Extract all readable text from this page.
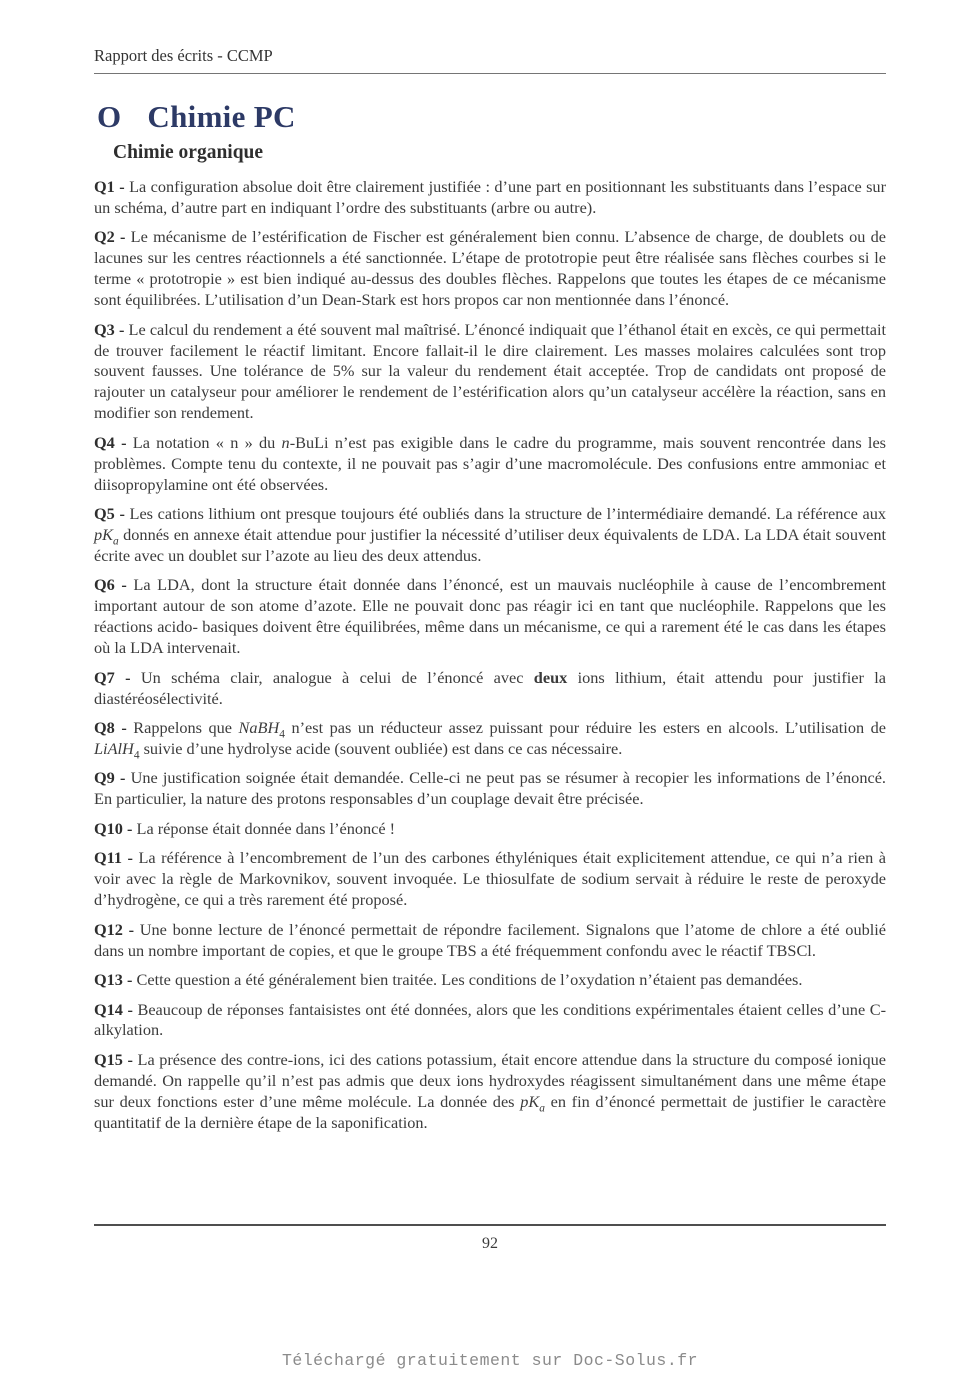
Rapport des écrits - CCMP
O Chimie PC
Chimie organique

Q1 - La configuration absolue doit être clairement justifiée : d’une part en positionnant les substituants dans l’espace sur un schéma, d’autre part en indiquant l’ordre des substituants (arbre ou autre).

Q2 - Le mécanisme de l’estérification de Fischer est généralement bien connu. L’absence de charge, de doublets ou de lacunes sur les centres réactionnels a été sanctionnée. L’étape de prototropie peut être réalisée sans flèches courbes si le terme « prototropie » est bien indiqué au-dessus des doubles flèches. Rappelons que toutes les étapes de ce mécanisme sont équilibrées. L’utilisation d’un Dean-Stark est hors propos car non mentionnée dans l’énoncé.

Q3 - Le calcul du rendement a été souvent mal maîtrisé. L’énoncé indiquait que l’éthanol était en excès, ce qui permettait de trouver facilement le réactif limitant. Encore fallait-il le dire clairement. Les masses molaires calculées sont trop souvent fausses. Une tolérance de 5% sur la valeur du rendement était acceptée. Trop de candidats ont proposé de rajouter un catalyseur pour améliorer le rendement de l’estérification alors qu’un catalyseur accélère la réaction, sans en modifier son rendement.

Q4 - La notation « n » du n-BuLi n’est pas exigible dans le cadre du programme, mais souvent rencontrée dans les problèmes. Compte tenu du contexte, il ne pouvait pas s’agir d’une macromolécule. Des confusions entre ammoniac et diisopropylamine ont été observées.

Q5 - Les cations lithium ont presque toujours été oubliés dans la structure de l’intermédiaire demandé. La référence aux $pK_a$ donnés en annexe était attendue pour justifier la nécessité d’utiliser deux équivalents de LDA. La LDA était souvent écrite avec un doublet sur l’azote au lieu des deux attendus.

Q6 - La LDA, dont la structure était donnée dans l’énoncé, est un mauvais nucléophile à cause de l’encombrement important autour de son atome d’azote. Elle ne pouvait donc pas réagir ici en tant que nucléophile. Rappelons que les réactions acido- basiques doivent être équilibrées, même dans un mécanisme, ce qui a rarement été le cas dans les étapes où la LDA intervenait.

Q7 - Un schéma clair, analogue à celui de l’énoncé avec deux ions lithium, était attendu pour justifier la diastéréosélectivité.

Q8 - Rappelons que NaBH$_4$ n’est pas un réducteur assez puissant pour réduire les esters en alcools. L’utilisation de LiAlH$_4$ suivie d’une hydrolyse acide (souvent oubliée) est dans ce cas nécessaire.

Q9 - Une justification soignée était demandée. Celle-ci ne peut pas se résumer à recopier les informations de l’énoncé. En particulier, la nature des protons responsables d’un couplage devait être précisée.

Q10 - La réponse était donnée dans l’énoncé !

Q11 - La référence à l’encombrement de l’un des carbones éthyléniques était explicitement attendue, ce qui n’a rien à voir avec la règle de Markovnikov, souvent invoquée. Le thiosulfate de sodium servait à réduire le reste de peroxyde d’hydrogène, ce qui a très rarement été proposé.

Q12 - Une bonne lecture de l’énoncé permettait de répondre facilement. Signalons que l’atome de chlore a été oublié dans un nombre important de copies, et que le groupe TBS a été fréquemment confondu avec le réactif TBSCl.

Q13 - Cette question a été généralement bien traitée. Les conditions de l’oxydation n’étaient pas demandées.

Q14 - Beaucoup de réponses fantaisistes ont été données, alors que les conditions expérimentales étaient celles d’une C- alkylation.

Q15 - La présence des contre-ions, ici des cations potassium, était encore attendue dans la structure du composé ionique demandé. On rappelle qu’il n’est pas admis que deux ions hydroxydes réagissent simultanément dans une même étape sur deux fonctions ester d’une même molécule. La donnée des $pK_a$ en fin d’énoncé permettait de justifier le caractère quantitatif de la dernière étape de la saponification.

92
Téléchargé gratuitement sur Doc-Solus.fr
